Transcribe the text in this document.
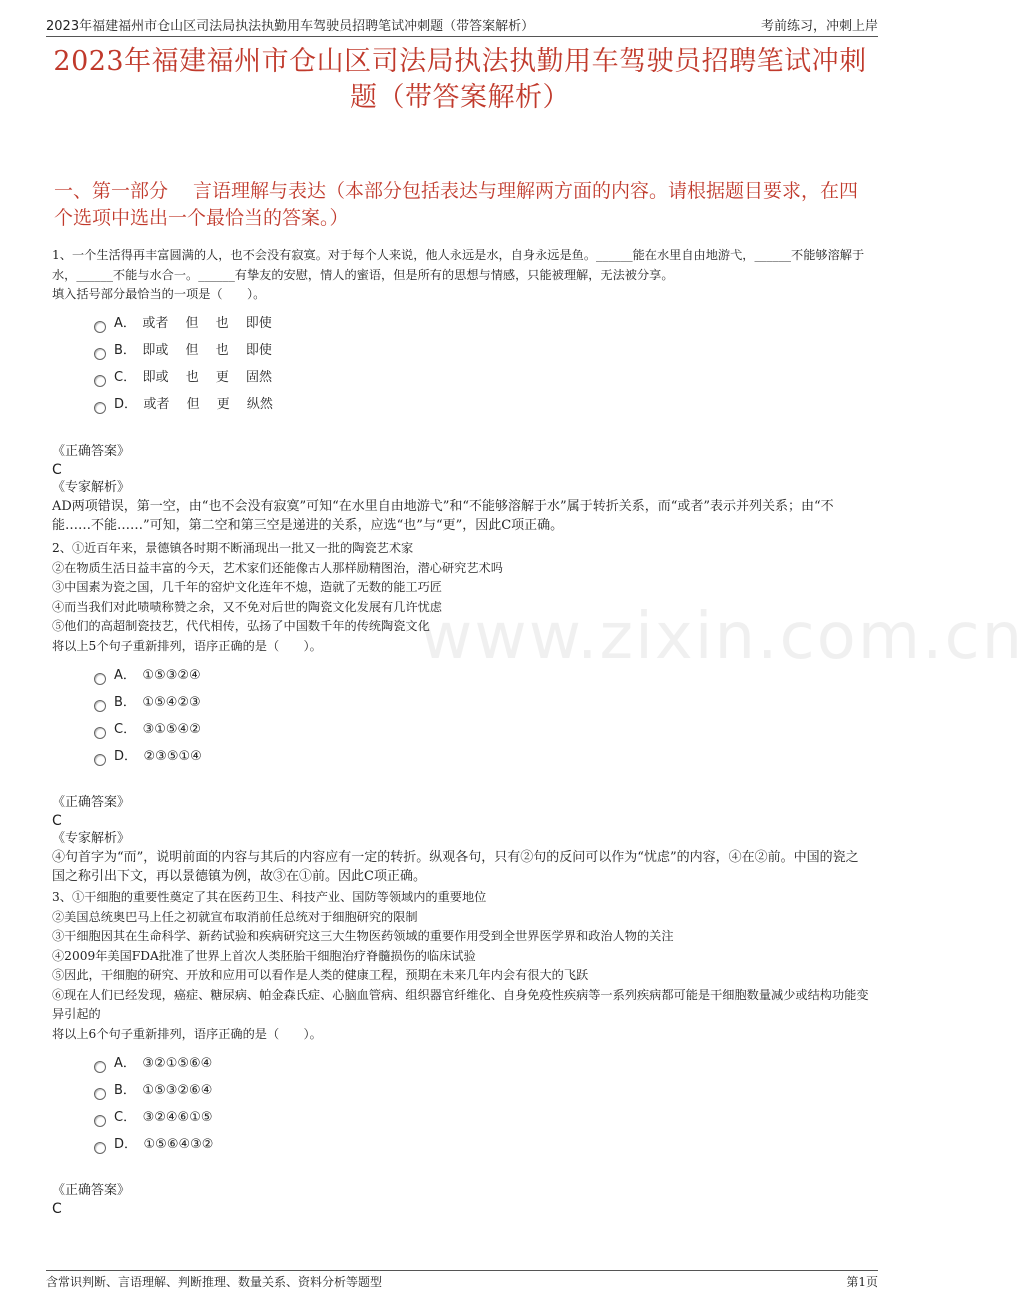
2023年福建福州市仓山区司法局执法执勤用车驾驶员招聘笔试冲刺题（带答案解析）	考前练习，冲刺上岸
2023年福建福州市仓山区司法局执法执勤用车驾驶员招聘笔试冲刺题（带答案解析）
一、第一部分　 言语理解与表达（本部分包括表达与理解两方面的内容。请根据题目要求，在四个选项中选出一个最恰当的答案。）
www.zixin.com.cn

1、一个生活得再丰富圆满的人，也不会没有寂寞。对于每个人来说，他人永远是水，自身永远是鱼。______能在水里自由地游弋，______不能够溶解于水，______不能与水合一。______有挚友的安慰，情人的蜜语，但是所有的思想与情感，只能被理解，无法被分享。

填入括号部分最恰当的一项是（　　）。

A．　或者　 但　 也　 即使
B．　即或　 但　 也　 即使
C．　即或　 也　 更　 固然
D．　或者　 但　 更　 纵然

《正确答案》

C

《专家解析》

AD两项错误，第一空，由“也不会没有寂寞”可知“在水里自由地游弋”和“不能够溶解于水”属于转折关系，而“或者”表示并列关系；由“不能……不能……”可知，第二空和第三空是递进的关系，应选“也”与“更”，因此C项正确。

2、①近百年来，景德镇各时期不断涌现出一批又一批的陶瓷艺术家

②在物质生活日益丰富的今天，艺术家们还能像古人那样励精图治，潜心研究艺术吗

③中国素为瓷之国，几千年的窑炉文化连年不熄，造就了无数的能工巧匠

④而当我们对此啧啧称赞之余，又不免对后世的陶瓷文化发展有几许忧虑

⑤他们的高超制瓷技艺，代代相传，弘扬了中国数千年的传统陶瓷文化

将以上5个句子重新排列，语序正确的是（　　）。

A．　①⑤③②④
B．　①⑤④②③
C．　③①⑤④②
D．　②③⑤①④

《正确答案》

C

《专家解析》

④句首字为“而”，说明前面的内容与其后的内容应有一定的转折。纵观各句，只有②句的反问可以作为“忧虑”的内容，④在②前。中国的瓷之国之称引出下文，再以景德镇为例，故③在①前。因此C项正确。

3、①干细胞的重要性奠定了其在医药卫生、科技产业、国防等领域内的重要地位

②美国总统奥巴马上任之初就宣布取消前任总统对于细胞研究的限制

③干细胞因其在生命科学、新药试验和疾病研究这三大生物医药领域的重要作用受到全世界医学界和政治人物的关注

④2009年美国FDA批准了世界上首次人类胚胎干细胞治疗脊髓损伤的临床试验

⑤因此，干细胞的研究、开放和应用可以看作是人类的健康工程，预期在未来几年内会有很大的飞跃

⑥现在人们已经发现，癌症、糖尿病、帕金森氏症、心脑血管病、组织器官纤维化、自身免疫性疾病等一系列疾病都可能是干细胞数量减少或结构功能变异引起的

将以上6个句子重新排列，语序正确的是（　　）。

A．　③②①⑤⑥④
B．　①⑤③②⑥④
C．　③②④⑥①⑤
D．　①⑤⑥④③②

《正确答案》

C

含常识判断、言语理解、判断推理、数量关系、资料分析等题型	第1页
